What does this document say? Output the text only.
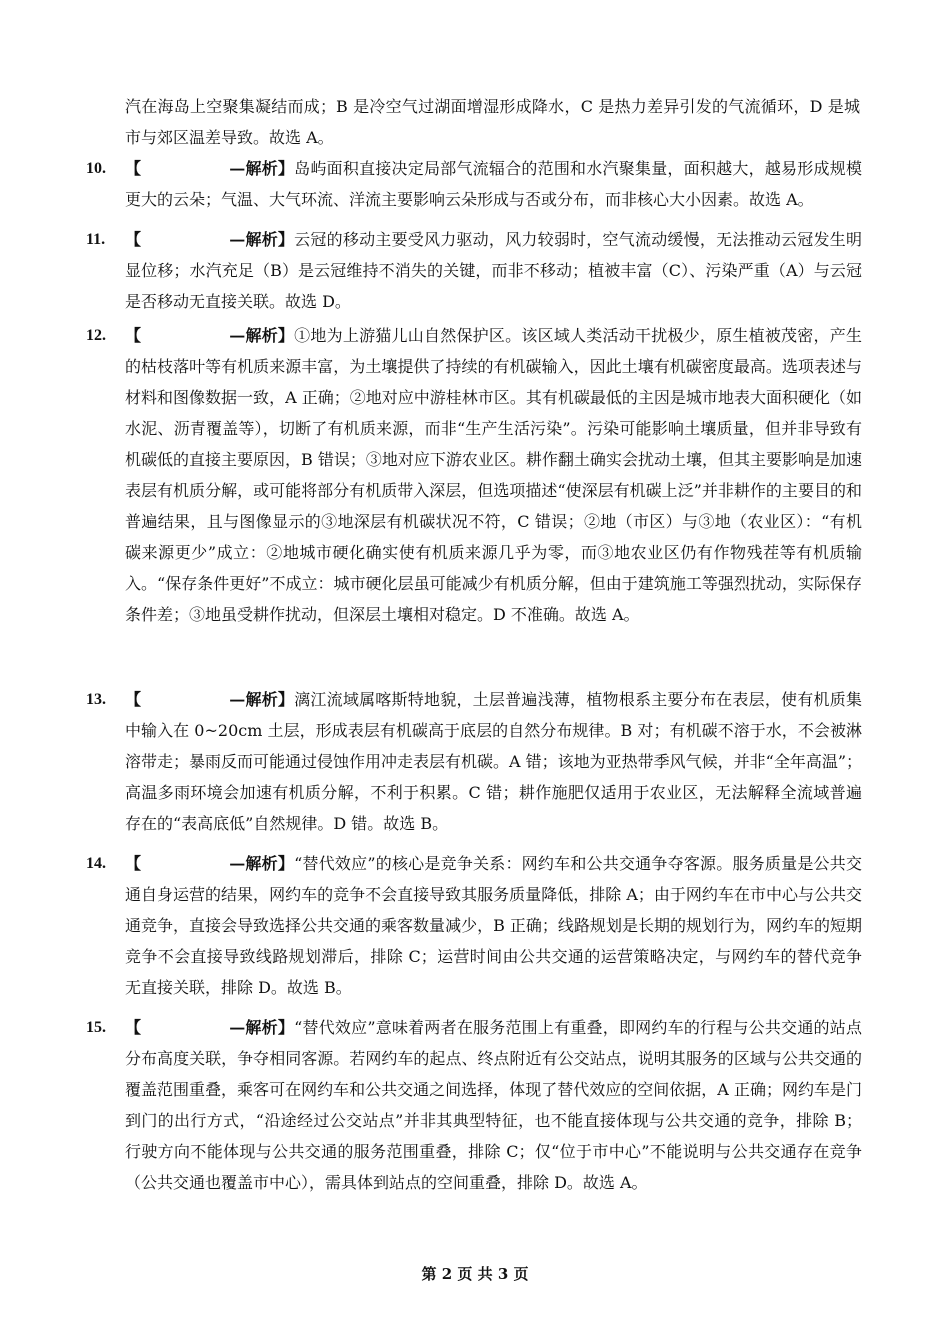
汽在海岛上空聚集凝结而成；B 是冷空气过湖面增湿形成降水，C 是热力差异引发的气流循环，D 是城市与郊区温差导致。故选 A。

10.	【	—解析】岛屿面积直接决定局部气流辐合的范围和水汽聚集量，面积越大，越易形成规模更大的云朵；气温、大气环流、洋流主要影响云朵形成与否或分布，而非核心大小因素。故选 A。

11.	【	—解析】云冠的移动主要受风力驱动，风力较弱时，空气流动缓慢，无法推动云冠发生明显位移；水汽充足（B）是云冠维持不消失的关键，而非不移动；植被丰富（C）、污染严重（A）与云冠是否移动无直接关联。故选 D。

12.	【	—解析】①地为上游猫儿山自然保护区。该区域人类活动干扰极少，原生植被茂密，产生的枯枝落叶等有机质来源丰富，为土壤提供了持续的有机碳输入，因此土壤有机碳密度最高。选项表述与材料和图像数据一致，A 正确；②地对应中游桂林市区。其有机碳最低的主因是城市地表大面积硬化（如水泥、沥青覆盖等），切断了有机质来源，而非“生产生活污染”。污染可能影响土壤质量，但并非导致有机碳低的直接主要原因，B 错误；③地对应下游农业区。耕作翻土确实会扰动土壤，但其主要影响是加速表层有机质分解，或可能将部分有机质带入深层，但选项描述“使深层有机碳上泛”并非耕作的主要目的和普遍结果，且与图像显示的③地深层有机碳状况不符，C 错误；②地（市区）与③地（农业区）：“有机碳来源更少”成立：②地城市硬化确实使有机质来源几乎为零，而③地农业区仍有作物残茬等有机质输入。“保存条件更好”不成立：城市硬化层虽可能减少有机质分解，但由于建筑施工等强烈扰动，实际保存条件差；③地虽受耕作扰动，但深层土壤相对稳定。D 不准确。故选 A。

13.	【	—解析】漓江流域属喀斯特地貌，土层普遍浅薄，植物根系主要分布在表层，使有机质集中输入在 0~20cm 土层，形成表层有机碳高于底层的自然分布规律。B 对；有机碳不溶于水，不会被淋溶带走；暴雨反而可能通过侵蚀作用冲走表层有机碳。A 错；该地为亚热带季风气候，并非“全年高温”；高温多雨环境会加速有机质分解，不利于积累。C 错；耕作施肥仅适用于农业区，无法解释全流域普遍存在的“表高底低”自然规律。D 错。故选 B。

14.	【	—解析】“替代效应”的核心是竞争关系：网约车和公共交通争夺客源。服务质量是公共交通自身运营的结果，网约车的竞争不会直接导致其服务质量降低，排除 A；由于网约车在市中心与公共交通竞争，直接会导致选择公共交通的乘客数量减少，B 正确；线路规划是长期的规划行为，网约车的短期竞争不会直接导致线路规划滞后，排除 C；运营时间由公共交通的运营策略决定，与网约车的替代竞争无直接关联，排除 D。故选 B。

15.	【	—解析】“替代效应”意味着两者在服务范围上有重叠，即网约车的行程与公共交通的站点分布高度关联，争夺相同客源。若网约车的起点、终点附近有公交站点，说明其服务的区域与公共交通的覆盖范围重叠，乘客可在网约车和公共交通之间选择，体现了替代效应的空间依据，A 正确；网约车是门到门的出行方式，“沿途经过公交站点”并非其典型特征，也不能直接体现与公共交通的竞争，排除 B；行驶方向不能体现与公共交通的服务范围重叠，排除 C；仅“位于市中心”不能说明与公共交通存在竞争（公共交通也覆盖市中心），需具体到站点的空间重叠，排除 D。故选 A。

第 2 页 共 3 页
